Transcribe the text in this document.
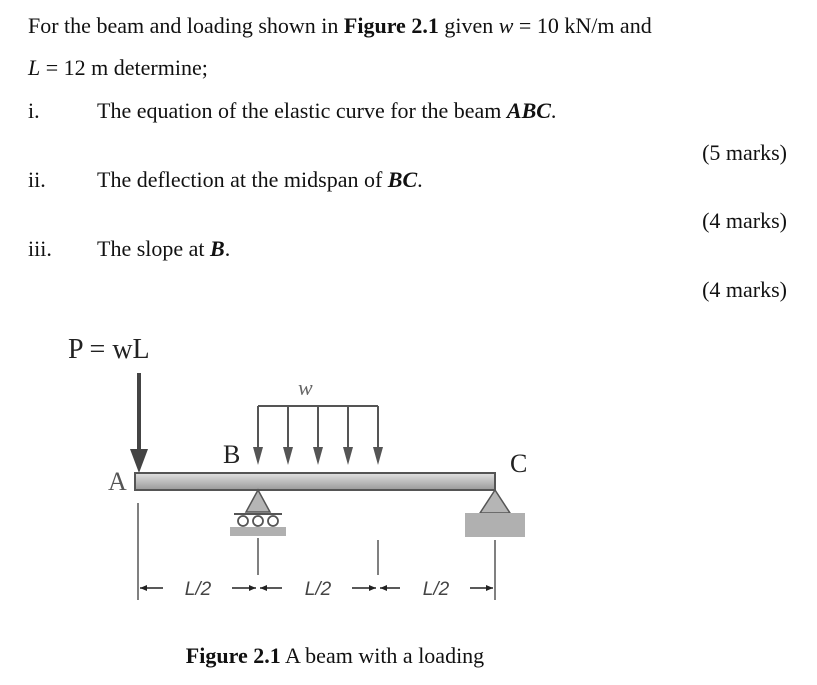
For the beam and loading shown in Figure 2.1 given w = 10 kN/m and
L = 12 m determine;
i.	The equation of the elastic curve for the beam ABC.
(5 marks)
ii. The deflection at the midspan of BC.
(4 marks)
iii. The slope at B.
(4 marks)
P = wL
w
B
A
C
L/2	L/2	L/2
Figure 2.1 A beam with a loading
